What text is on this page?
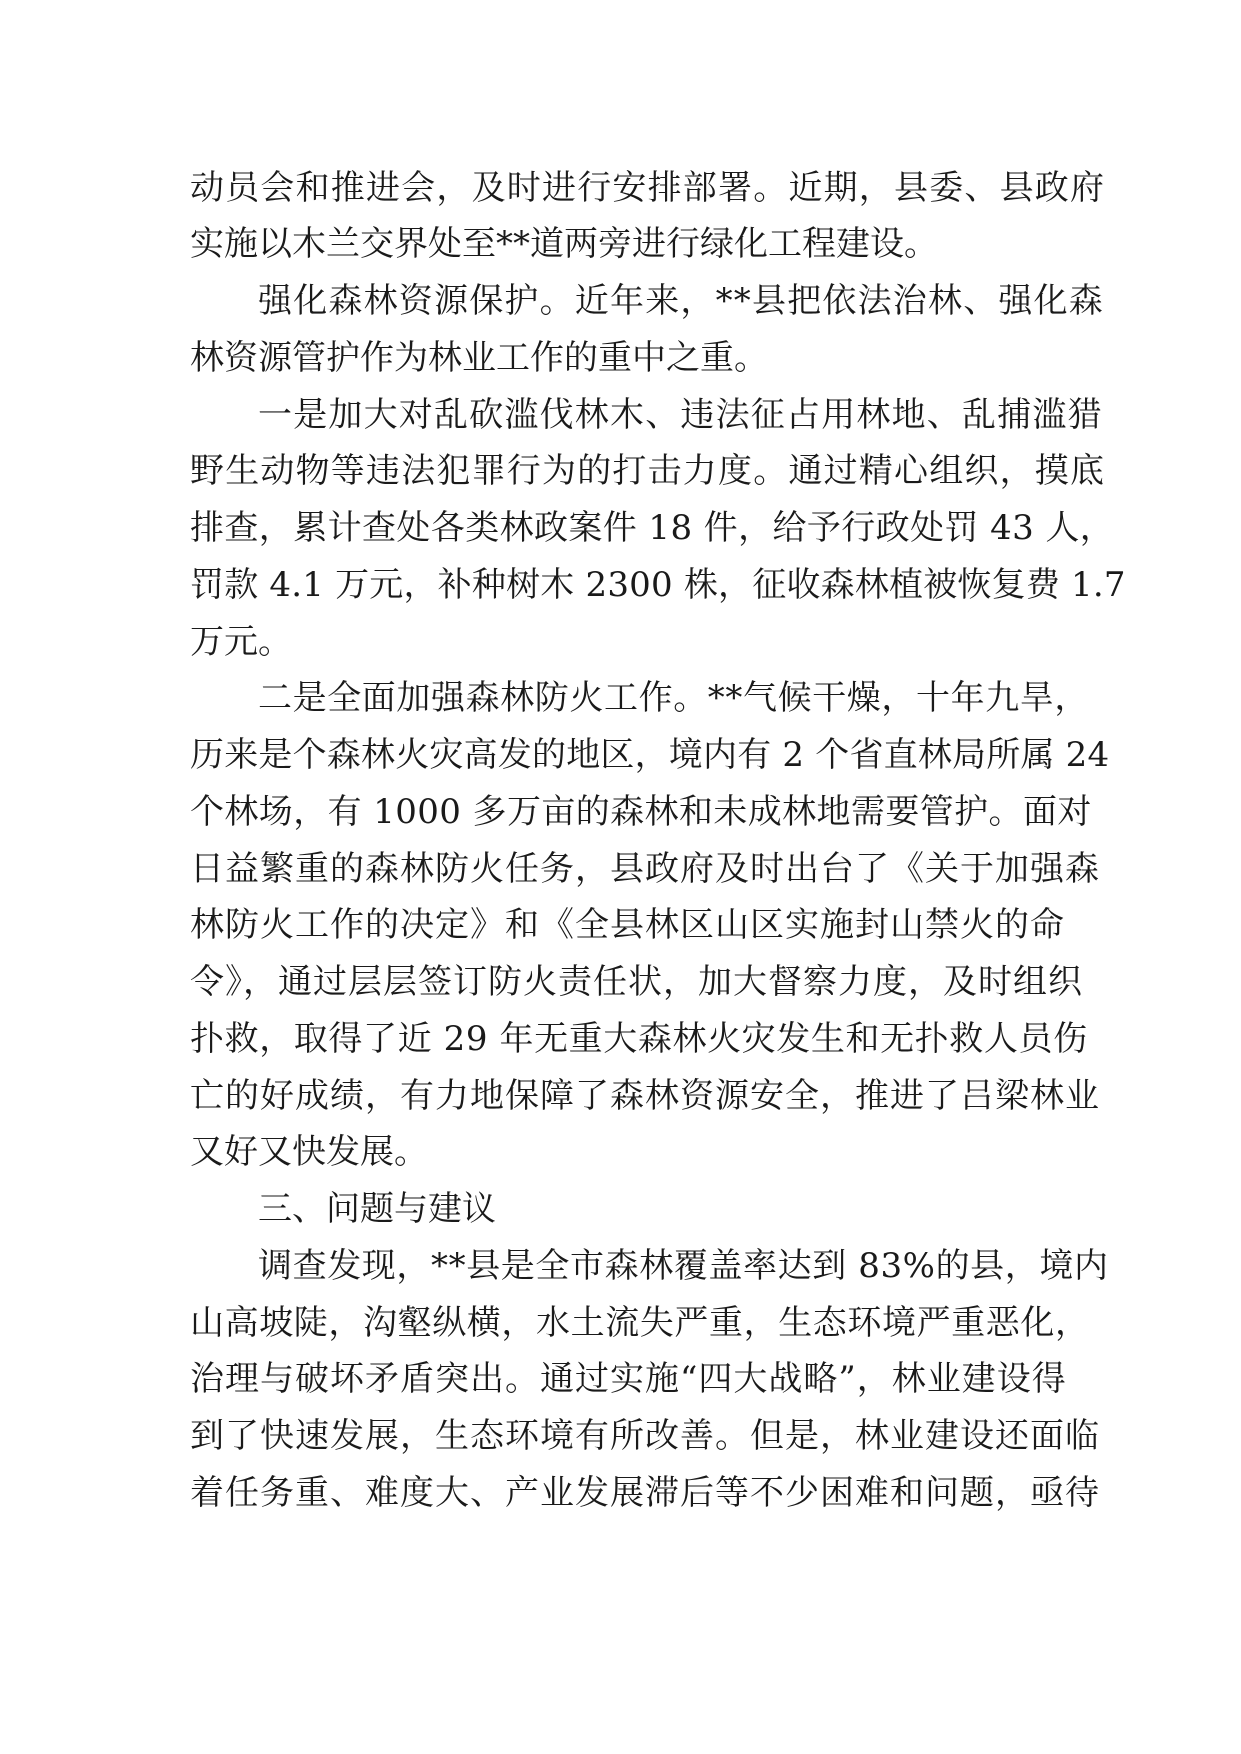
动员会和推进会，及时进行安排部署。近期，县委、县政府
实施以木兰交界处至**道两旁进行绿化工程建设。
强化森林资源保护。近年来，**县把依法治林、强化森
林资源管护作为林业工作的重中之重。
一是加大对乱砍滥伐林木、违法征占用林地、乱捕滥猎
野生动物等违法犯罪行为的打击力度。通过精心组织，摸底
排查，累计查处各类林政案件 18 件，给予行政处罚 43 人，
罚款 4.1 万元，补种树木 2300 株，征收森林植被恢复费 1.7
万元。
二是全面加强森林防火工作。**气候干燥，十年九旱，
历来是个森林火灾高发的地区，境内有 2 个省直林局所属 24
个林场，有 1000 多万亩的森林和未成林地需要管护。面对
日益繁重的森林防火任务，县政府及时出台了《关于加强森
林防火工作的决定》和《全县林区山区实施封山禁火的命
令》，通过层层签订防火责任状，加大督察力度，及时组织
扑救，取得了近 29 年无重大森林火灾发生和无扑救人员伤
亡的好成绩，有力地保障了森林资源安全，推进了吕梁林业
又好又快发展。
三、问题与建议
调查发现，**县是全市森林覆盖率达到 83%的县，境内
山高坡陡，沟壑纵横，水土流失严重，生态环境严重恶化，
治理与破坏矛盾突出。通过实施“四大战略”，林业建设得
到了快速发展，生态环境有所改善。但是，林业建设还面临
着任务重、难度大、产业发展滞后等不少困难和问题，亟待
